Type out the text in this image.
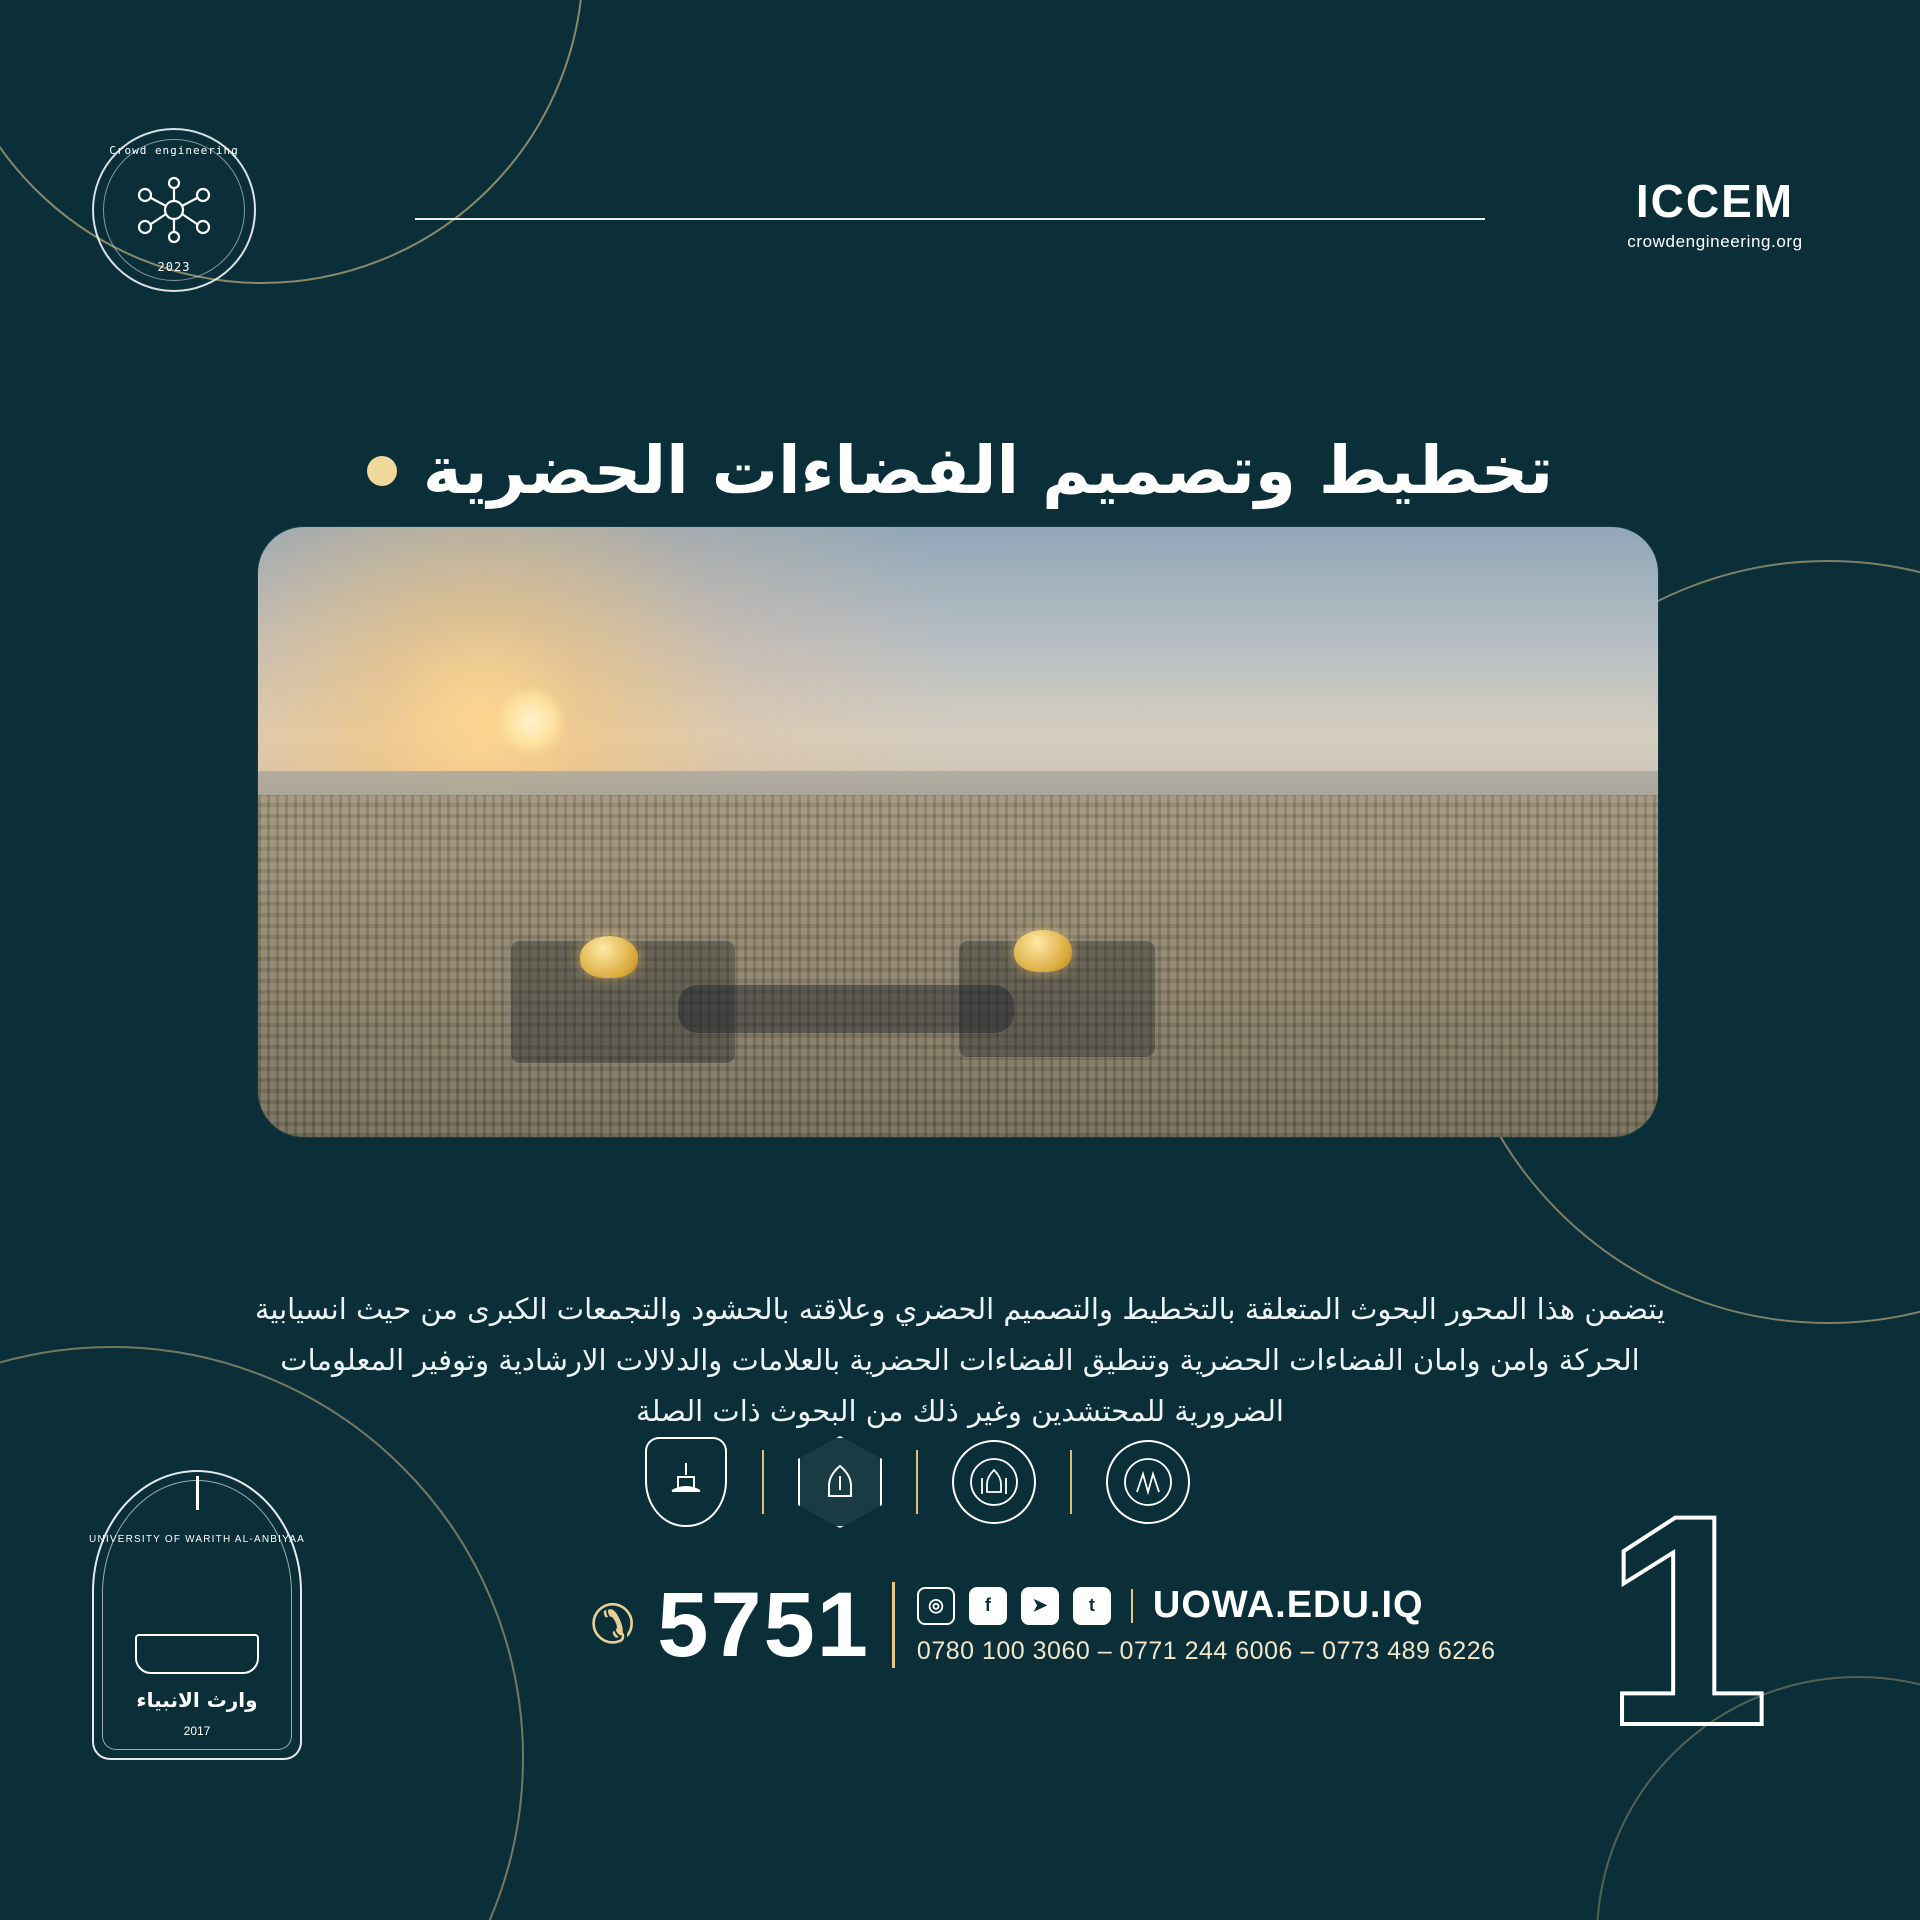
Crowd engineering
2023
ICCEM
crowdengineering.org
تخطيط وتصميم الفضاءات الحضرية

يتضمن هذا المحور البحوث المتعلقة بالتخطيط والتصميم الحضري وعلاقته بالحشود والتجمعات الكبرى من حيث انسيابية الحركة وامن وامان الفضاءات الحضرية وتنطيق الفضاءات الحضرية بالعلامات والدلالات الارشادية وتوفير المعلومات الضرورية للمحتشدين وغير ذلك من البحوث ذات الصلة

UNIVERSITY OF WARITH AL-ANBIYAA
وارث الانبياء
2017
✆ 5751	◎	f	➤	t	UOWA.EDU.IQ
0780 100 3060 – 0771 244 6006 – 0773 489 6226 1
